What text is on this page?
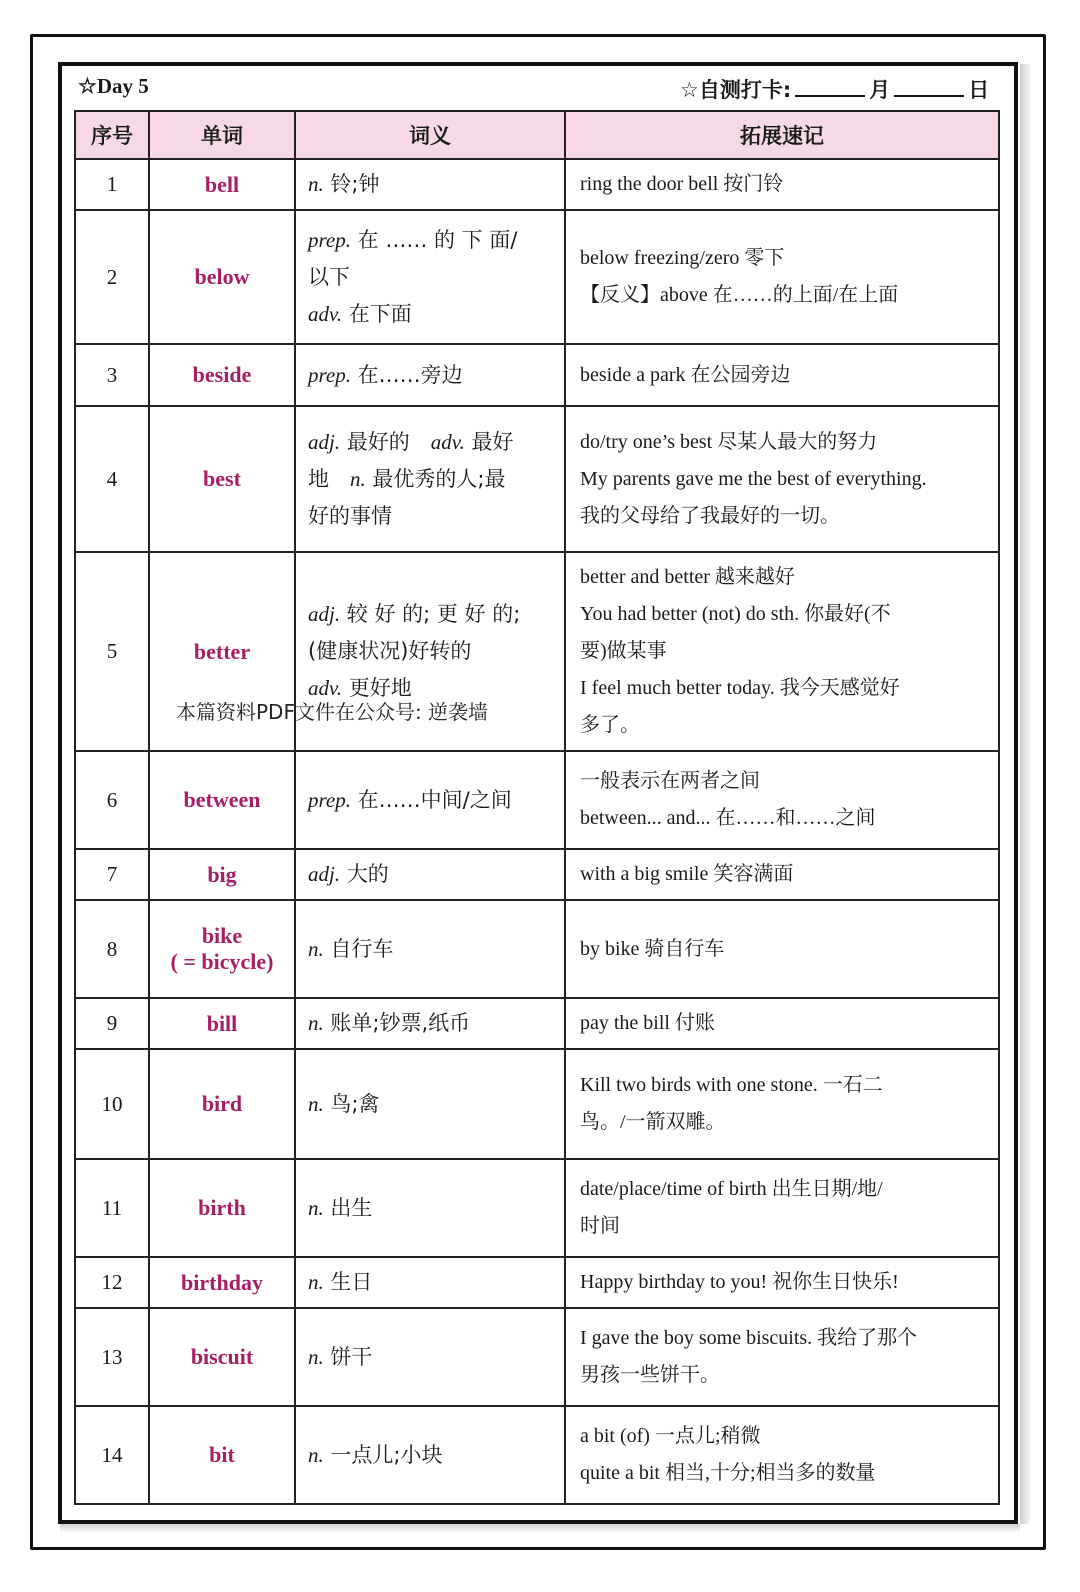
☆Day 5	☆自测打卡:	月	日
序号	单词	词义	拓展速记
1	bell	n. 铃;钟	ring the door bell 按门铃

2	below	prep. 在 …… 的 下 面/
以下
adv. 在下面	below freezing/zero 零下
【反义】above 在……的上面/在上面

3	beside	prep. 在……旁边	beside a park 在公园旁边

4	best	adj. 最好的　adv. 最好
地　n. 最优秀的人;最
好的事情	do/try one’s best 尽某人最大的努力
My parents gave me the best of everything.
我的父母给了我最好的一切。

5	better	adj. 较 好 的; 更 好 的;
(健康状况)好转的
adv. 更好地	better and better 越来越好
You had better (not) do sth. 你最好(不
要)做某事
I feel much better today. 我今天感觉好
多了。

6	between	prep. 在……中间/之间	一般表示在两者之间
between... and... 在……和……之间

7	big	adj. 大的	with a big smile 笑容满面

8	bike
( = bicycle)	n. 自行车	by bike 骑自行车

9	bill	n. 账单;钞票,纸币	pay the bill 付账

10	bird	n. 鸟;禽	Kill two birds with one stone. 一石二
鸟。/一箭双雕。

11	birth	n. 出生	date/place/time of birth 出生日期/地/
时间

12	birthday	n. 生日	Happy birthday to you! 祝你生日快乐!

13	biscuit	n. 饼干	I gave the boy some biscuits. 我给了那个
男孩一些饼干。

14	bit	n. 一点儿;小块	a bit (of) 一点儿;稍微
quite a bit 相当,十分;相当多的数量
本篇资料PDF文件在公众号: 逆袭墙
